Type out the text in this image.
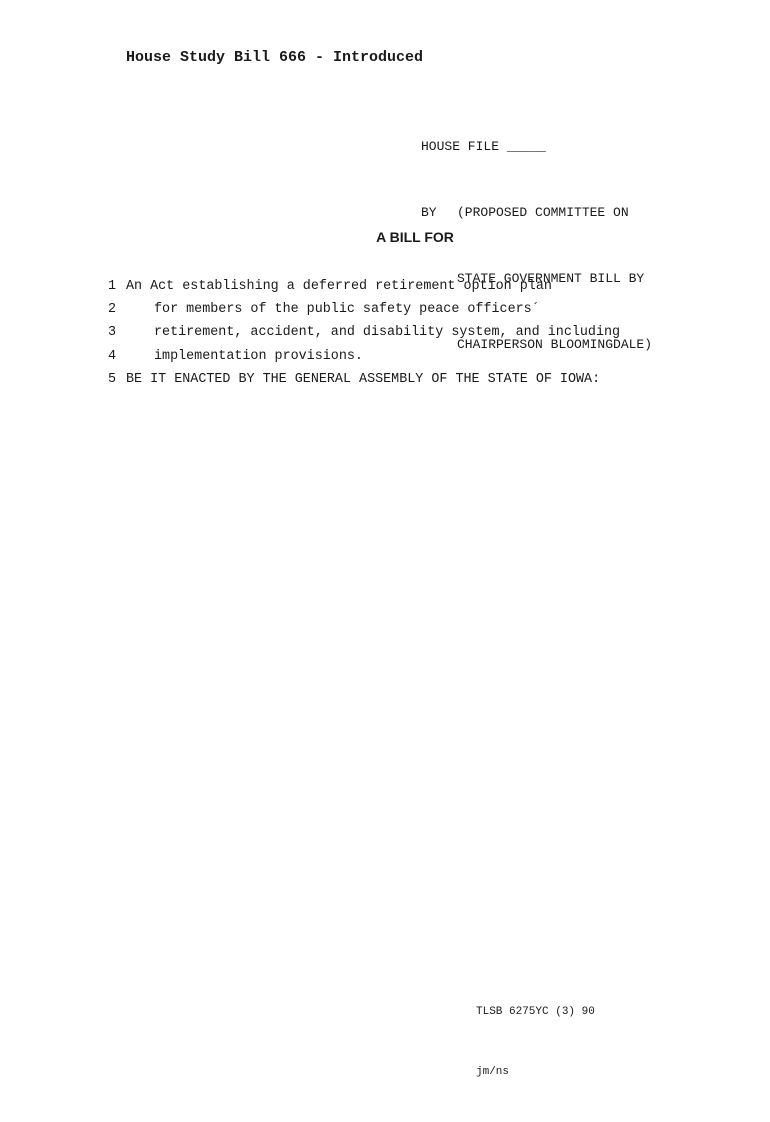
House Study Bill 666 - Introduced

HOUSE FILE _____

BY	(PROPOSED COMMITTEE ON

STATE GOVERNMENT BILL BY

CHAIRPERSON BLOOMINGDALE)

A BILL FOR
1 An Act establishing a deferred retirement option plan
2	for members of the public safety peace officers´
3	retirement, accident, and disability system, and including
4	implementation provisions.
5 BE IT ENACTED BY THE GENERAL ASSEMBLY OF THE STATE OF IOWA:

TLSB 6275YC (3) 90

jm/ns
